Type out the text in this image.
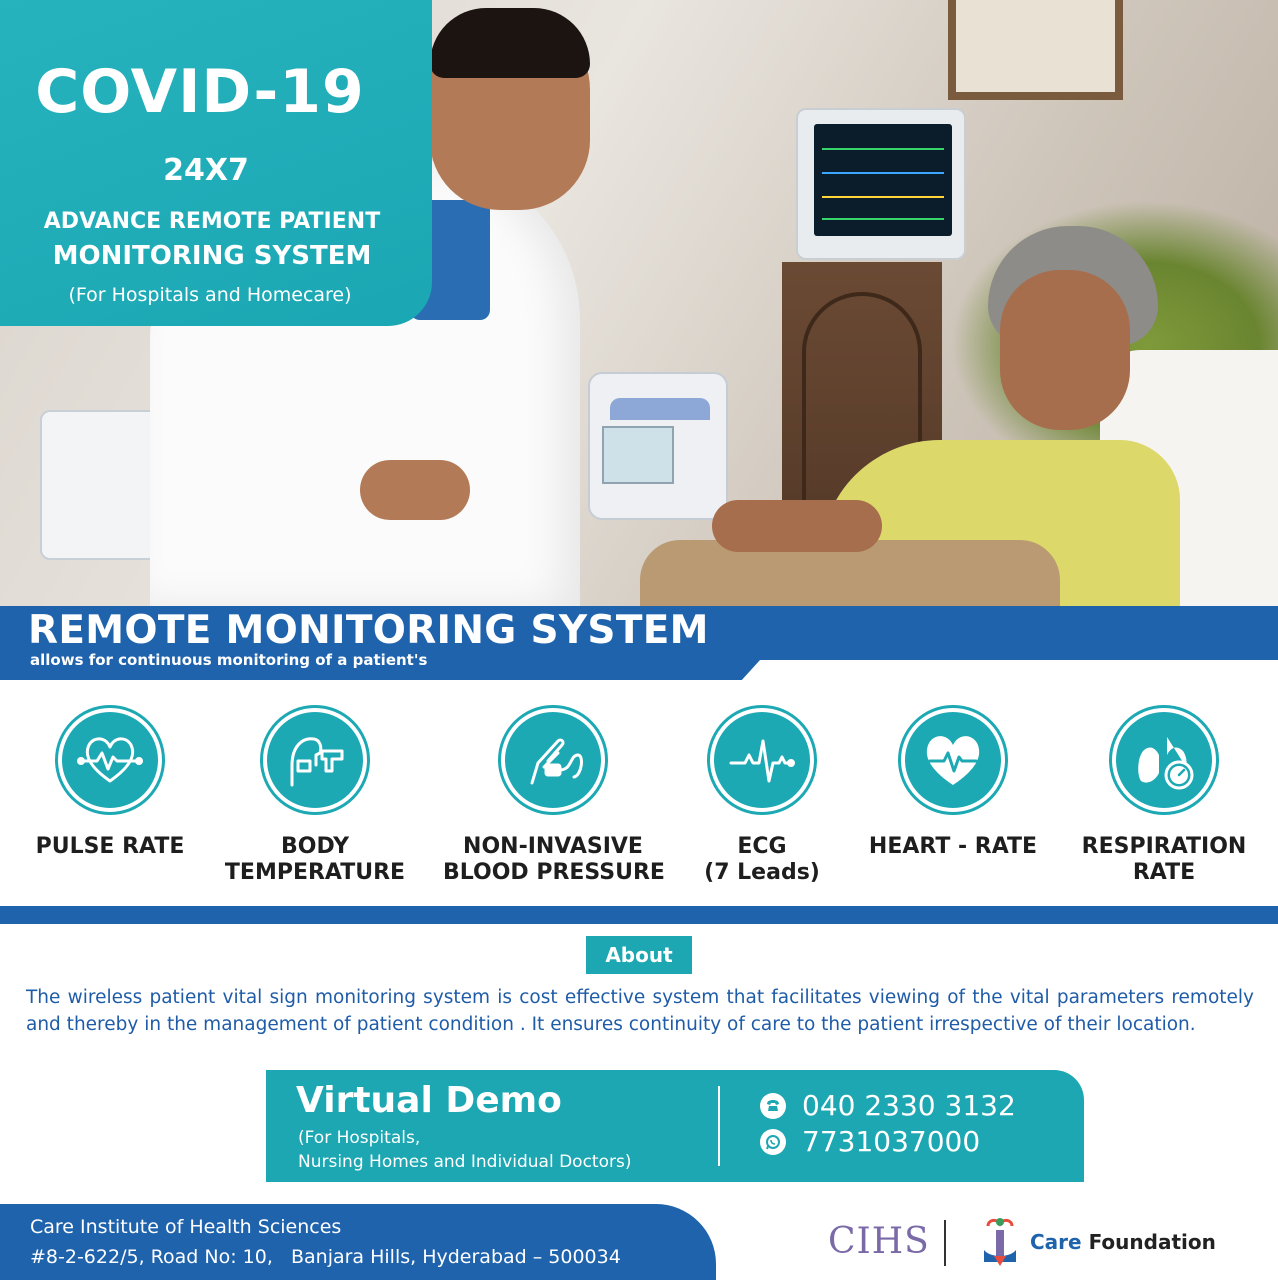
COVID-19
24X7
ADVANCE REMOTE PATIENT
MONITORING SYSTEM
(For Hospitals and Homecare)
REMOTE MONITORING SYSTEM
allows for continuous monitoring of a patient's
PULSE RATE	BODY
TEMPERATURE
NON-INVASIVE
BLOOD PRESSURE
ECG
(7 Leads)
HEART - RATE	RESPIRATION
RATE
About
The wireless patient vital sign monitoring system is cost effective system that facilitates viewing of the vital parameters remotely and thereby in the management of patient condition . It ensures continuity of care to the patient irrespective of their location.
Virtual Demo
(For Hospitals,
Nursing Homes and Individual Doctors)
040 2330 3132
7731037000
Care Institute of Health Sciences
#8-2-622/5, Road No: 10,   Banjara Hills, Hyderabad – 500034	CIHS	Care Foundation
